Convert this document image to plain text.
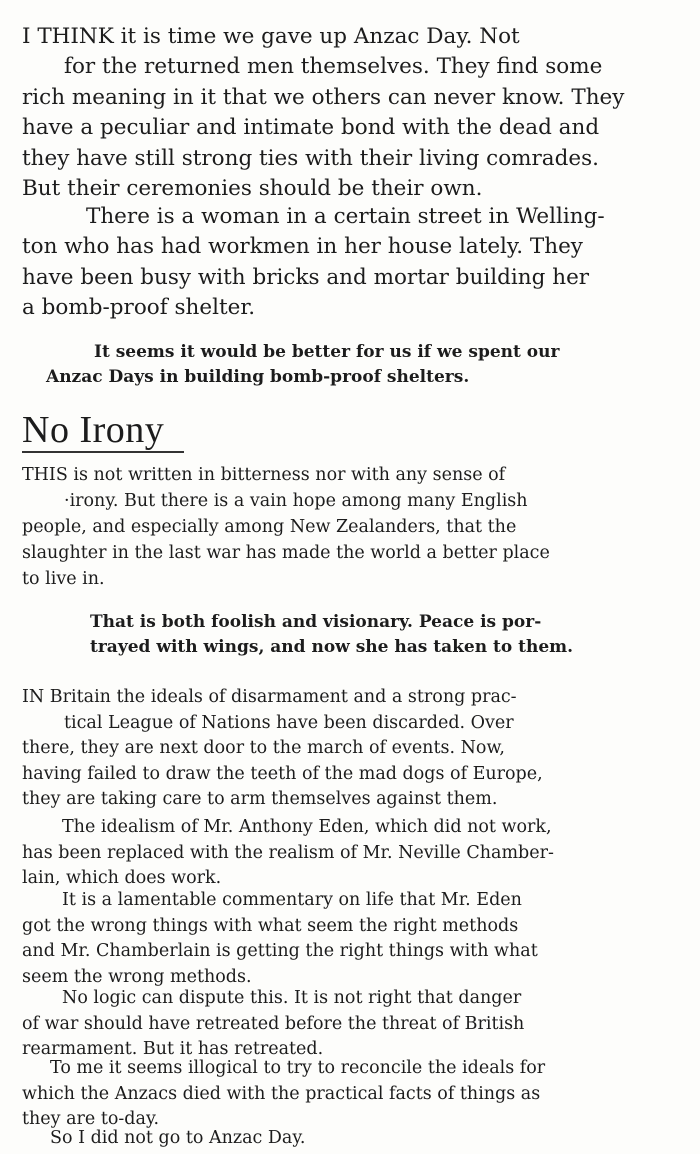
I THINK it is time we gave up Anzac Day. Not
for the returned men themselves. They find some
rich meaning in it that we others can never know. They
have a peculiar and intimate bond with the dead and
they have still strong ties with their living comrades.
But their ceremonies should be their own.
There is a woman in a certain street in Welling-
ton who has had workmen in her house lately. They
have been busy with bricks and mortar building her
a bomb-proof shelter.
It seems it would be better for us if we spent our
Anzac Days in building bomb-proof shelters.
No Irony
THIS is not written in bitterness nor with any sense of
·irony. But there is a vain hope among many English
people, and especially among New Zealanders, that the
slaughter in the last war has made the world a better place
to live in.
That is both foolish and visionary. Peace is por-
trayed with wings, and now she has taken to them.
IN Britain the ideals of disarmament and a strong prac-
tical League of Nations have been discarded. Over
there, they are next door to the march of events. Now,
having failed to draw the teeth of the mad dogs of Europe,
they are taking care to arm themselves against them.
The idealism of Mr. Anthony Eden, which did not work,
has been replaced with the realism of Mr. Neville Chamber-
lain, which does work.
It is a lamentable commentary on life that Mr. Eden
got the wrong things with what seem the right methods
and Mr. Chamberlain is getting the right things with what
seem the wrong methods.
No logic can dispute this. It is not right that danger
of war should have retreated before the threat of British
rearmament. But it has retreated.
To me it seems illogical to try to reconcile the ideals for
which the Anzacs died with the practical facts of things as
they are to-day.
So I did not go to Anzac Day.
